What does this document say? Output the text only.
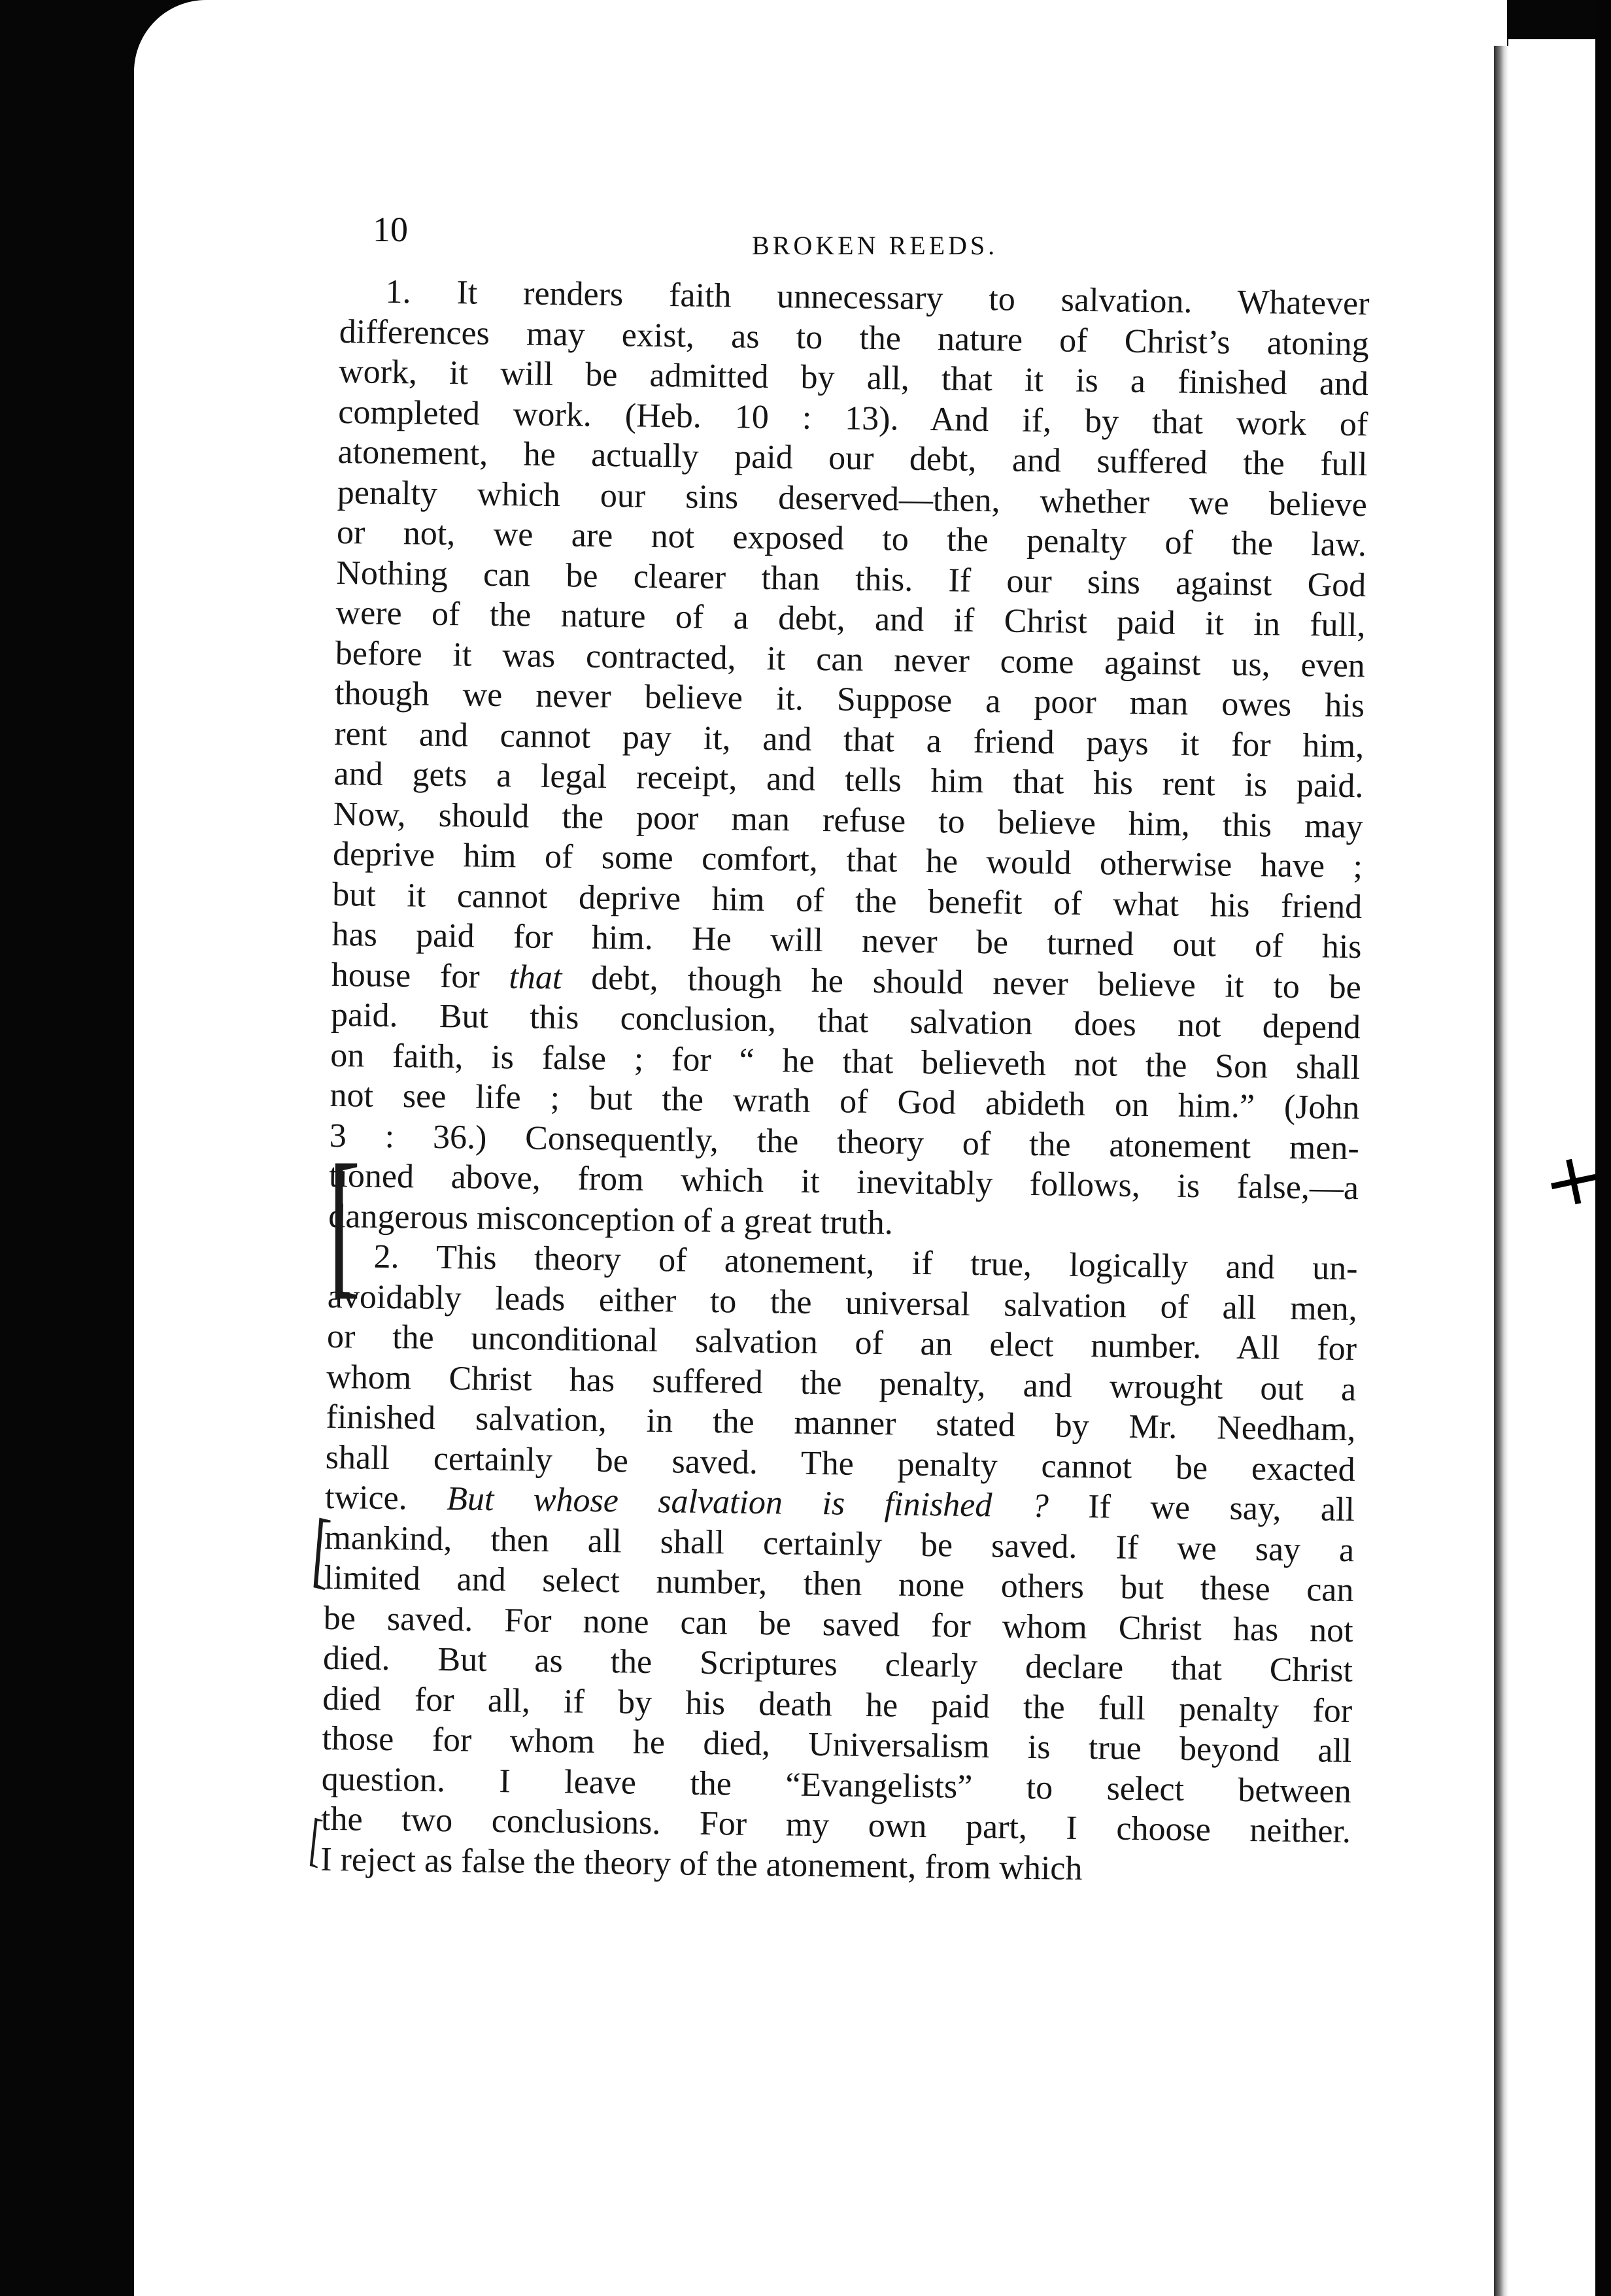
10	BROKEN REEDS.
1. It renders faith unnecessary to salvation. Whatever
differences may exist, as to the nature of Christ’s atoning
work, it will be admitted by all, that it is a finished and
completed work. (Heb. 10 : 13). And if, by that work of
atonement, he actually paid our debt, and suffered the full
penalty which our sins deserved—then, whether we believe
or not, we are not exposed to the penalty of the law.
Nothing can be clearer than this. If our sins against God
were of the nature of a debt, and if Christ paid it in full,
before it was contracted, it can never come against us, even
though we never believe it. Suppose a poor man owes his
rent and cannot pay it, and that a friend pays it for him,
and gets a legal receipt, and tells him that his rent is paid.
Now, should the poor man refuse to believe him, this may
deprive him of some comfort, that he would otherwise have ;
but it cannot deprive him of the benefit of what his friend
has paid for him. He will never be turned out of his
house for that debt, though he should never believe it to be
paid. But this conclusion, that salvation does not depend
on faith, is false ; for “ he that believeth not the Son shall
not see life ; but the wrath of God abideth on him.” (John
3 : 36.) Consequently, the theory of the atonement men-
tioned above, from which it inevitably follows, is false,—a
dangerous misconception of a great truth.
2. This theory of atonement, if true, logically and un-
avoidably leads either to the universal salvation of all men,
or the unconditional salvation of an elect number. All for
whom Christ has suffered the penalty, and wrought out a
finished salvation, in the manner stated by Mr. Needham,
shall certainly be saved. The penalty cannot be exacted
twice. But whose salvation is finished ? If we say, all
mankind, then all shall certainly be saved. If we say a
limited and select number, then none others but these can
be saved. For none can be saved for whom Christ has not
died. But as the Scriptures clearly declare that Christ
died for all, if by his death he paid the full penalty for
those for whom he died, Universalism is true beyond all
question. I leave the “Evangelists” to select between
the two conclusions. For my own part, I choose neither.
I reject as false the theory of the atonement, from which
[
[
[
+
